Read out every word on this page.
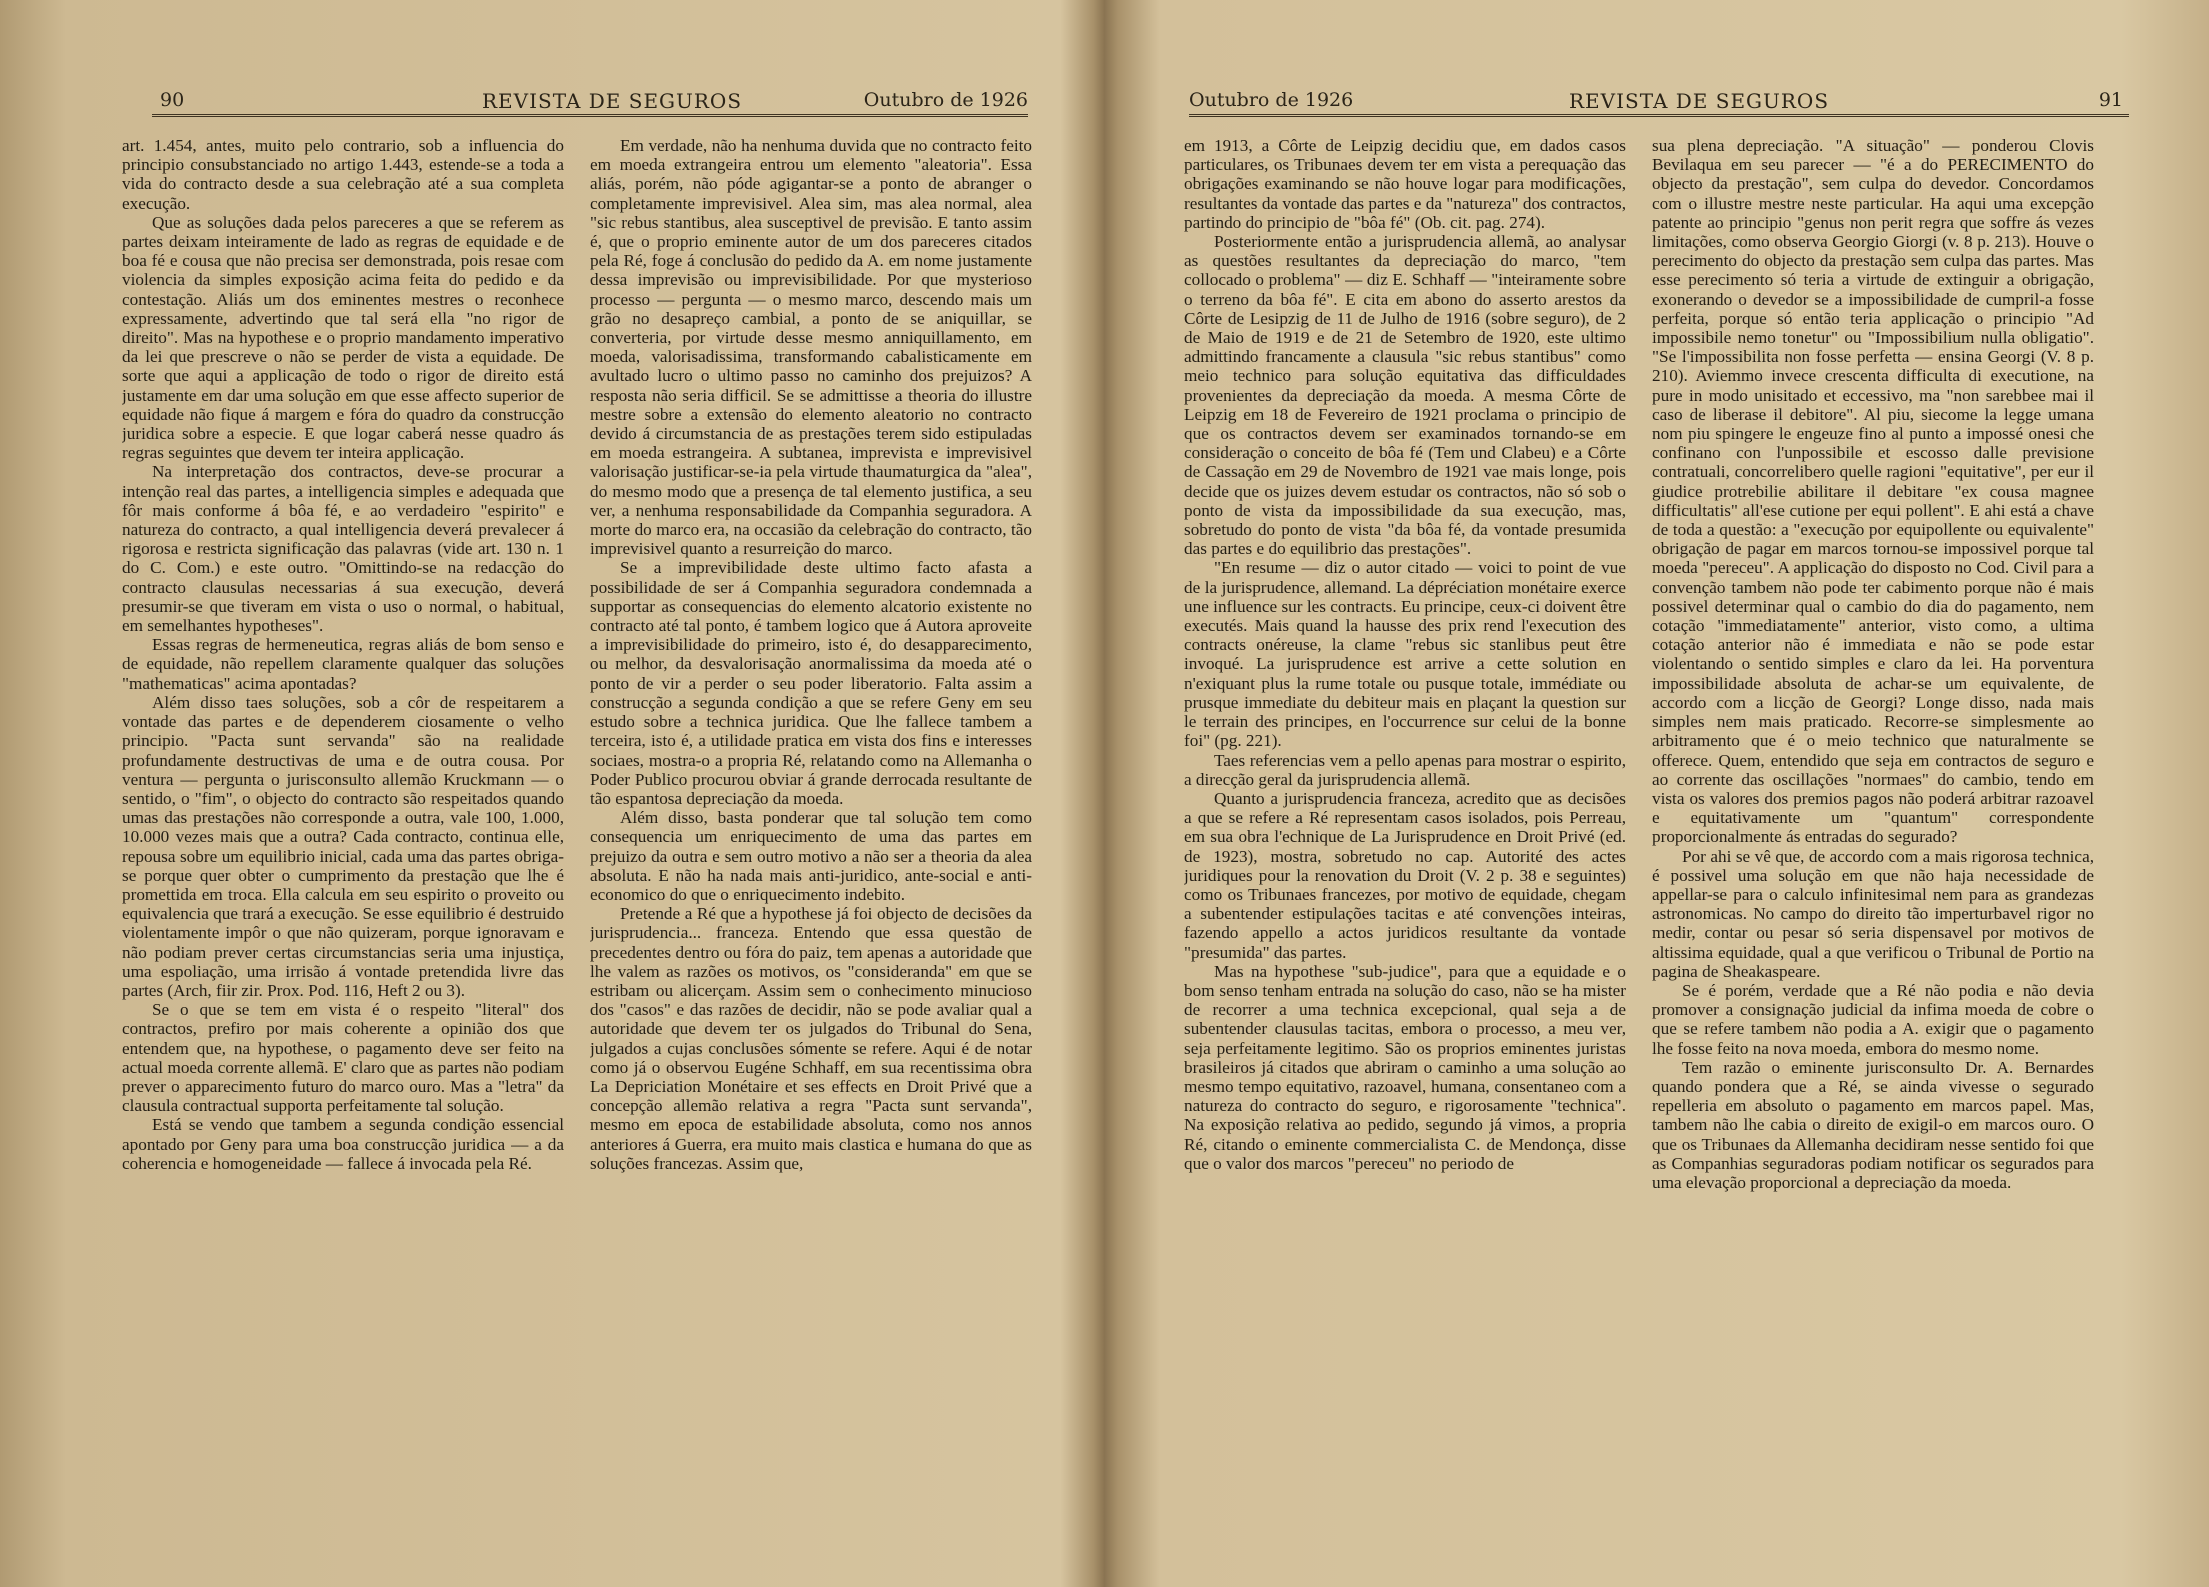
90	REVISTA DE SEGUROS	Outubro de 1926

art. 1.454, antes, muito pelo contrario, sob a influencia do principio consubstanciado no artigo 1.443, estende-se a toda a vida do contracto desde a sua celebração até a sua completa execução.

Que as soluções dada pelos pareceres a que se referem as partes deixam inteiramente de lado as regras de equidade e de boa fé e cousa que não precisa ser demonstrada, pois resae com violencia da simples exposição acima feita do pedido e da contestação. Aliás um dos eminentes mestres o reconhece expressamente, advertindo que tal será ella "no rigor de direito". Mas na hypothese e o proprio mandamento imperativo da lei que prescreve o não se perder de vista a equidade. De sorte que aqui a applicação de todo o rigor de direito está justamente em dar uma solução em que esse affecto superior de equidade não fique á margem e fóra do quadro da construcção juridica sobre a especie. E que logar caberá nesse quadro ás regras seguintes que devem ter inteira applicação.

Na interpretação dos contractos, deve-se procurar a intenção real das partes, a intelligencia simples e adequada que fôr mais conforme á bôa fé, e ao verdadeiro "espirito" e natureza do contracto, a qual intelligencia deverá prevalecer á rigorosa e restricta significação das palavras (vide art. 130 n. 1 do C. Com.) e este outro. "Omittindo-se na redacção do contracto clausulas necessarias á sua execução, deverá presumir-se que tiveram em vista o uso o normal, o habitual, em semelhantes hypotheses".

Essas regras de hermeneutica, regras aliás de bom senso e de equidade, não repellem claramente qualquer das soluções "mathematicas" acima apontadas?

Além disso taes soluções, sob a côr de respeitarem a vontade das partes e de dependerem ciosamente o velho principio. "Pacta sunt servanda" são na realidade profundamente destructivas de uma e de outra cousa. Por ventura — pergunta o jurisconsulto allemão Kruckmann — o sentido, o "fim", o objecto do contracto são respeitados quando umas das prestações não corresponde a outra, vale 100, 1.000, 10.000 vezes mais que a outra? Cada contracto, continua elle, repousa sobre um equilibrio inicial, cada uma das partes obriga-se porque quer obter o cumprimento da prestação que lhe é promettida em troca. Ella calcula em seu espirito o proveito ou equivalencia que trará a execução. Se esse equilibrio é destruido violentamente impôr o que não quizeram, porque ignoravam e não podiam prever certas circumstancias seria uma injustiça, uma espoliação, uma irrisão á vontade pretendida livre das partes (Arch, fiir zir. Prox. Pod. 116, Heft 2 ou 3).

Se o que se tem em vista é o respeito "literal" dos contractos, prefiro por mais coherente a opinião dos que entendem que, na hypothese, o pagamento deve ser feito na actual moeda corrente allemã. E' claro que as partes não podiam prever o apparecimento futuro do marco ouro. Mas a "letra" da clausula contractual supporta perfeitamente tal solução.

Está se vendo que tambem a segunda condição essencial apontado por Geny para uma boa construcção juridica — a da coherencia e homogeneidade — fallece á invocada pela Ré.

Em verdade, não ha nenhuma duvida que no contracto feito em moeda extrangeira entrou um elemento "aleatoria". Essa aliás, porém, não póde agigantar-se a ponto de abranger o completamente imprevisivel. Alea sim, mas alea normal, alea "sic rebus stantibus, alea susceptivel de previsão. E tanto assim é, que o proprio eminente autor de um dos pareceres citados pela Ré, foge á conclusão do pedido da A. em nome justamente dessa imprevisão ou imprevisibilidade. Por que mysterioso processo — pergunta — o mesmo marco, descendo mais um grão no desapreço cambial, a ponto de se aniquillar, se converteria, por virtude desse mesmo anniquillamento, em moeda, valorisadissima, transformando cabalisticamente em avultado lucro o ultimo passo no caminho dos prejuizos? A resposta não seria difficil. Se se admittisse a theoria do illustre mestre sobre a extensão do elemento aleatorio no contracto devido á circumstancia de as prestações terem sido estipuladas em moeda estrangeira. A subtanea, imprevista e imprevisivel valorisação justificar-se-ia pela virtude thaumaturgica da "alea", do mesmo modo que a presença de tal elemento justifica, a seu ver, a nenhuma responsabilidade da Companhia seguradora. A morte do marco era, na occasião da celebração do contracto, tão imprevisivel quanto a resurreição do marco.

Se a imprevibilidade deste ultimo facto afasta a possibilidade de ser á Companhia seguradora condemnada a supportar as consequencias do elemento alcatorio existente no contracto até tal ponto, é tambem logico que á Autora aproveite a imprevisibilidade do primeiro, isto é, do desapparecimento, ou melhor, da desvalorisação anormalissima da moeda até o ponto de vir a perder o seu poder liberatorio. Falta assim a construcção a segunda condição a que se refere Geny em seu estudo sobre a technica juridica. Que lhe fallece tambem a terceira, isto é, a utilidade pratica em vista dos fins e interesses sociaes, mostra-o a propria Ré, relatando como na Allemanha o Poder Publico procurou obviar á grande derrocada resultante de tão espantosa depreciação da moeda.

Além disso, basta ponderar que tal solução tem como consequencia um enriquecimento de uma das partes em prejuizo da outra e sem outro motivo a não ser a theoria da alea absoluta. E não ha nada mais anti-juridico, ante-social e anti-economico do que o enriquecimento indebito.

Pretende a Ré que a hypothese já foi objecto de decisões da jurisprudencia... franceza. Entendo que essa questão de precedentes dentro ou fóra do paiz, tem apenas a autoridade que lhe valem as razões os motivos, os "consideranda" em que se estribam ou alicerçam. Assim sem o conhecimento minucioso dos "casos" e das razões de decidir, não se pode avaliar qual a autoridade que devem ter os julgados do Tribunal do Sena, julgados a cujas conclusões sómente se refere. Aqui é de notar como já o observou Eugéne Schhaff, em sua recentissima obra La Depriciation Monétaire et ses effects en Droit Privé que a concepção allemão relativa a regra "Pacta sunt servanda", mesmo em epoca de estabilidade absoluta, como nos annos anteriores á Guerra, era muito mais clastica e humana do que as soluções francezas. Assim que,

Outubro de 1926	REVISTA DE SEGUROS	91

em 1913, a Côrte de Leipzig decidiu que, em dados casos particulares, os Tribunaes devem ter em vista a perequação das obrigações examinando se não houve logar para modificações, resultantes da vontade das partes e da "natureza" dos contractos, partindo do principio de "bôa fé" (Ob. cit. pag. 274).

Posteriormente então a jurisprudencia allemã, ao analysar as questões resultantes da depreciação do marco, "tem collocado o problema" — diz E. Schhaff — "inteiramente sobre o terreno da bôa fé". E cita em abono do asserto arestos da Côrte de Lesipzig de 11 de Julho de 1916 (sobre seguro), de 2 de Maio de 1919 e de 21 de Setembro de 1920, este ultimo admittindo francamente a clausula "sic rebus stantibus" como meio technico para solução equitativa das difficuldades provenientes da depreciação da moeda. A mesma Côrte de Leipzig em 18 de Fevereiro de 1921 proclama o principio de que os contractos devem ser examinados tornando-se em consideração o conceito de bôa fé (Tem und Clabeu) e a Côrte de Cassação em 29 de Novembro de 1921 vae mais longe, pois decide que os juizes devem estudar os contractos, não só sob o ponto de vista da impossibilidade da sua execução, mas, sobretudo do ponto de vista "da bôa fé, da vontade presumida das partes e do equilibrio das prestações".

"En resume — diz o autor citado — voici to point de vue de la jurisprudence, allemand. La dépréciation monétaire exerce une influence sur les contracts. Eu principe, ceux-ci doivent être executés. Mais quand la hausse des prix rend l'execution des contracts onéreuse, la clame "rebus sic stanlibus peut être invoqué. La jurisprudence est arrive a cette solution en n'exiquant plus la rume totale ou pusque totale, immédiate ou prusque immediate du debiteur mais en plaçant la question sur le terrain des principes, en l'occurrence sur celui de la bonne foi" (pg. 221).

Taes referencias vem a pello apenas para mostrar o espirito, a direcção geral da jurisprudencia allemã.

Quanto a jurisprudencia franceza, acredito que as decisões a que se refere a Ré representam casos isolados, pois Perreau, em sua obra l'echnique de La Jurisprudence en Droit Privé (ed. de 1923), mostra, sobretudo no cap. Autorité des actes juridiques pour la renovation du Droit (V. 2 p. 38 e seguintes) como os Tribunaes francezes, por motivo de equidade, chegam a subentender estipulações tacitas e até convenções inteiras, fazendo appello a actos juridicos resultante da vontade "presumida" das partes.

Mas na hypothese "sub-judice", para que a equidade e o bom senso tenham entrada na solução do caso, não se ha mister de recorrer a uma technica excepcional, qual seja a de subentender clausulas tacitas, embora o processo, a meu ver, seja perfeitamente legitimo. São os proprios eminentes juristas brasileiros já citados que abriram o caminho a uma solução ao mesmo tempo equitativo, razoavel, humana, consentaneo com a natureza do contracto do seguro, e rigorosamente "technica". Na exposição relativa ao pedido, segundo já vimos, a propria Ré, citando o eminente commercialista C. de Mendonça, disse que o valor dos marcos "pereceu" no periodo de

sua plena depreciação. "A situação" — ponderou Clovis Bevilaqua em seu parecer — "é a do PERECIMENTO do objecto da prestação", sem culpa do devedor. Concordamos com o illustre mestre neste particular. Ha aqui uma excepção patente ao principio "genus non perit regra que soffre ás vezes limitações, como observa Georgio Giorgi (v. 8 p. 213). Houve o perecimento do objecto da prestação sem culpa das partes. Mas esse perecimento só teria a virtude de extinguir a obrigação, exonerando o devedor se a impossibilidade de cumpril-a fosse perfeita, porque só então teria applicação o principio "Ad impossibile nemo tonetur" ou "Impossibilium nulla obligatio". "Se l'impossibilita non fosse perfetta — ensina Georgi (V. 8 p. 210). Aviemmo invece crescenta difficulta di executione, na pure in modo unisitado et eccessivo, ma "non sarebbee mai il caso de liberase il debitore". Al piu, siecome la legge umana nom piu spingere le engeuze fino al punto a impossé onesi che confinano con l'unpossibile et escosso dalle previsione contratuali, concorrelibero quelle ragioni "equitative", per eur il giudice protrebilie abilitare il debitare "ex cousa magnee difficultatis" all'ese cutione per equi pollent". E ahi está a chave de toda a questão: a "execução por equipollente ou equivalente" obrigação de pagar em marcos tornou-se impossivel porque tal moeda "pereceu". A applicação do disposto no Cod. Civil para a convenção tambem não pode ter cabimento porque não é mais possivel determinar qual o cambio do dia do pagamento, nem cotação "immediatamente" anterior, visto como, a ultima cotação anterior não é immediata e não se pode estar violentando o sentido simples e claro da lei. Ha porventura impossibilidade absoluta de achar-se um equivalente, de accordo com a licção de Georgi? Longe disso, nada mais simples nem mais praticado. Recorre-se simplesmente ao arbitramento que é o meio technico que naturalmente se offerece. Quem, entendido que seja em contractos de seguro e ao corrente das oscillações "normaes" do cambio, tendo em vista os valores dos premios pagos não poderá arbitrar razoavel e equitativamente um "quantum" correspondente proporcionalmente ás entradas do segurado?

Por ahi se vê que, de accordo com a mais rigorosa technica, é possivel uma solução em que não haja necessidade de appellar-se para o calculo infinitesimal nem para as grandezas astronomicas. No campo do direito tão imperturbavel rigor no medir, contar ou pesar só seria dispensavel por motivos de altissima equidade, qual a que verificou o Tribunal de Portio na pagina de Sheakaspeare.

Se é porém, verdade que a Ré não podia e não devia promover a consignação judicial da infima moeda de cobre o que se refere tambem não podia a A. exigir que o pagamento lhe fosse feito na nova moeda, embora do mesmo nome.

Tem razão o eminente jurisconsulto Dr. A. Bernardes quando pondera que a Ré, se ainda vivesse o segurado repelleria em absoluto o pagamento em marcos papel. Mas, tambem não lhe cabia o direito de exigil-o em marcos ouro. O que os Tribunaes da Allemanha decidiram nesse sentido foi que as Companhias seguradoras podiam notificar os segurados para uma elevação proporcional a depreciação da moeda.
